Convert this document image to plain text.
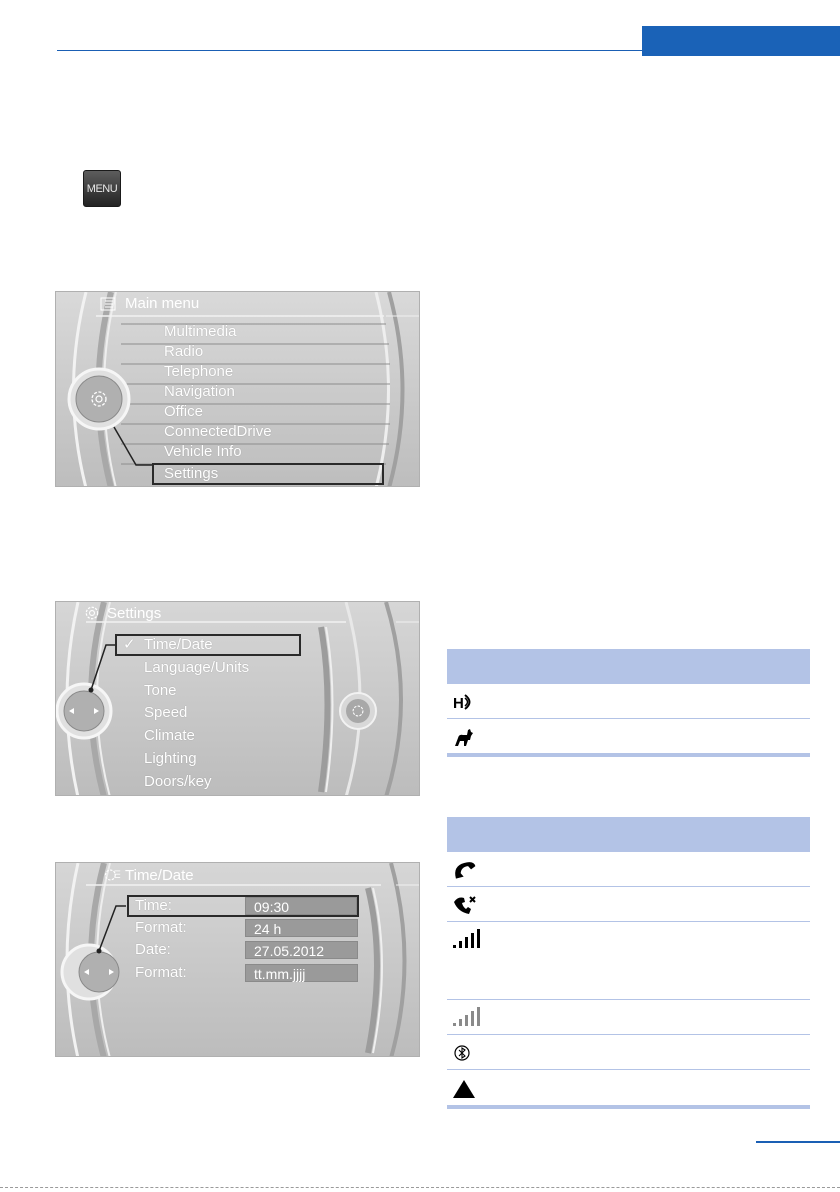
MENU
Main menu
Multimedia
Radio
Telephone
Navigation
Office
ConnectedDrive
Vehicle Info
Settings
Settings
✓ Time/Date
Language/Units
Tone
Speed
Climate
Lighting
Doors/key
Time/Date
Time:	09:30
Format:	24 h
Date:	27.05.2012
Format:	tt.mm.jjjj
H
